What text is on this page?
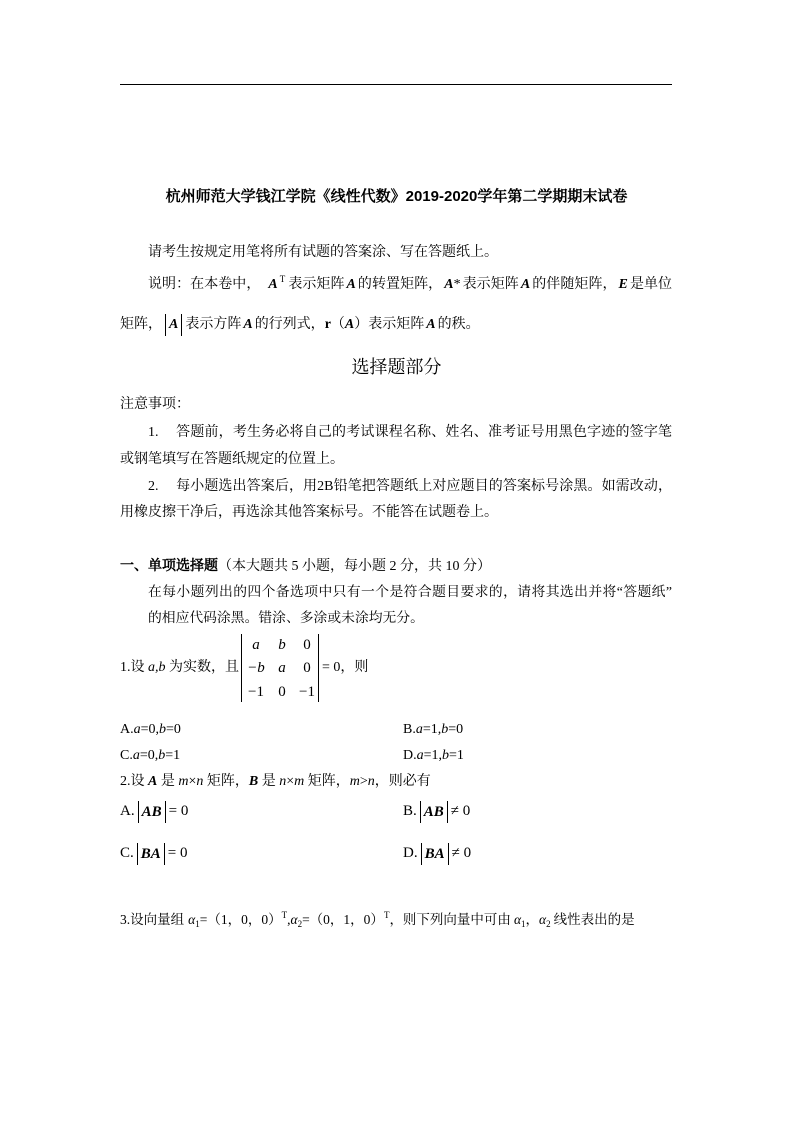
杭州师范大学钱江学院《线性代数》2019-2020学年第二学期期末试卷
请考生按规定用笔将所有试题的答案涂、写在答题纸上。
说明：在本卷中， A $^T$ 表示矩阵 A 的转置矩阵， A* 表示矩阵 A 的伴随矩阵， E 是单位
矩阵， A 表示方阵 A 的行列式，r（A）表示矩阵 A 的秩。
选择题部分
注意事项：
1. 答题前，考生务必将自己的考试课程名称、姓名、准考证号用黑色字迹的签字笔
或钢笔填写在答题纸规定的位置上。
2. 每小题选出答案后，用2B铅笔把答题纸上对应题目的答案标号涂黑。如需改动，
用橡皮擦干净后，再选涂其他答案标号。不能答在试题卷上。
一、单项选择题（本大题共 5 小题，每小题 2 分，共 10 分）
在每小题列出的四个备选项中只有一个是符合题目要求的，请将其选出并将“答题纸”
的相应代码涂黑。错涂、多涂或未涂均无分。
1.设 a,b 为实数，且
a	b	0
−b a	0
−1 0 −1
= 0，则
A.a=0,b=0	B.a=1,b=0
C.a=0,b=1	D.a=1,b=1
2.设 A 是 m×n 矩阵，B 是 n×m 矩阵，m>n，则必有
A. AB = 0	B. AB ≠ 0
C. BA = 0	D. BA ≠ 0
3.设向量组 $\alpha_1=(1$，0，$0)^T,\alpha_2=(0$，1，0）$^T$，则下列向量中可由 $\alpha_1$，$\alpha_2$ 线性表出的是
